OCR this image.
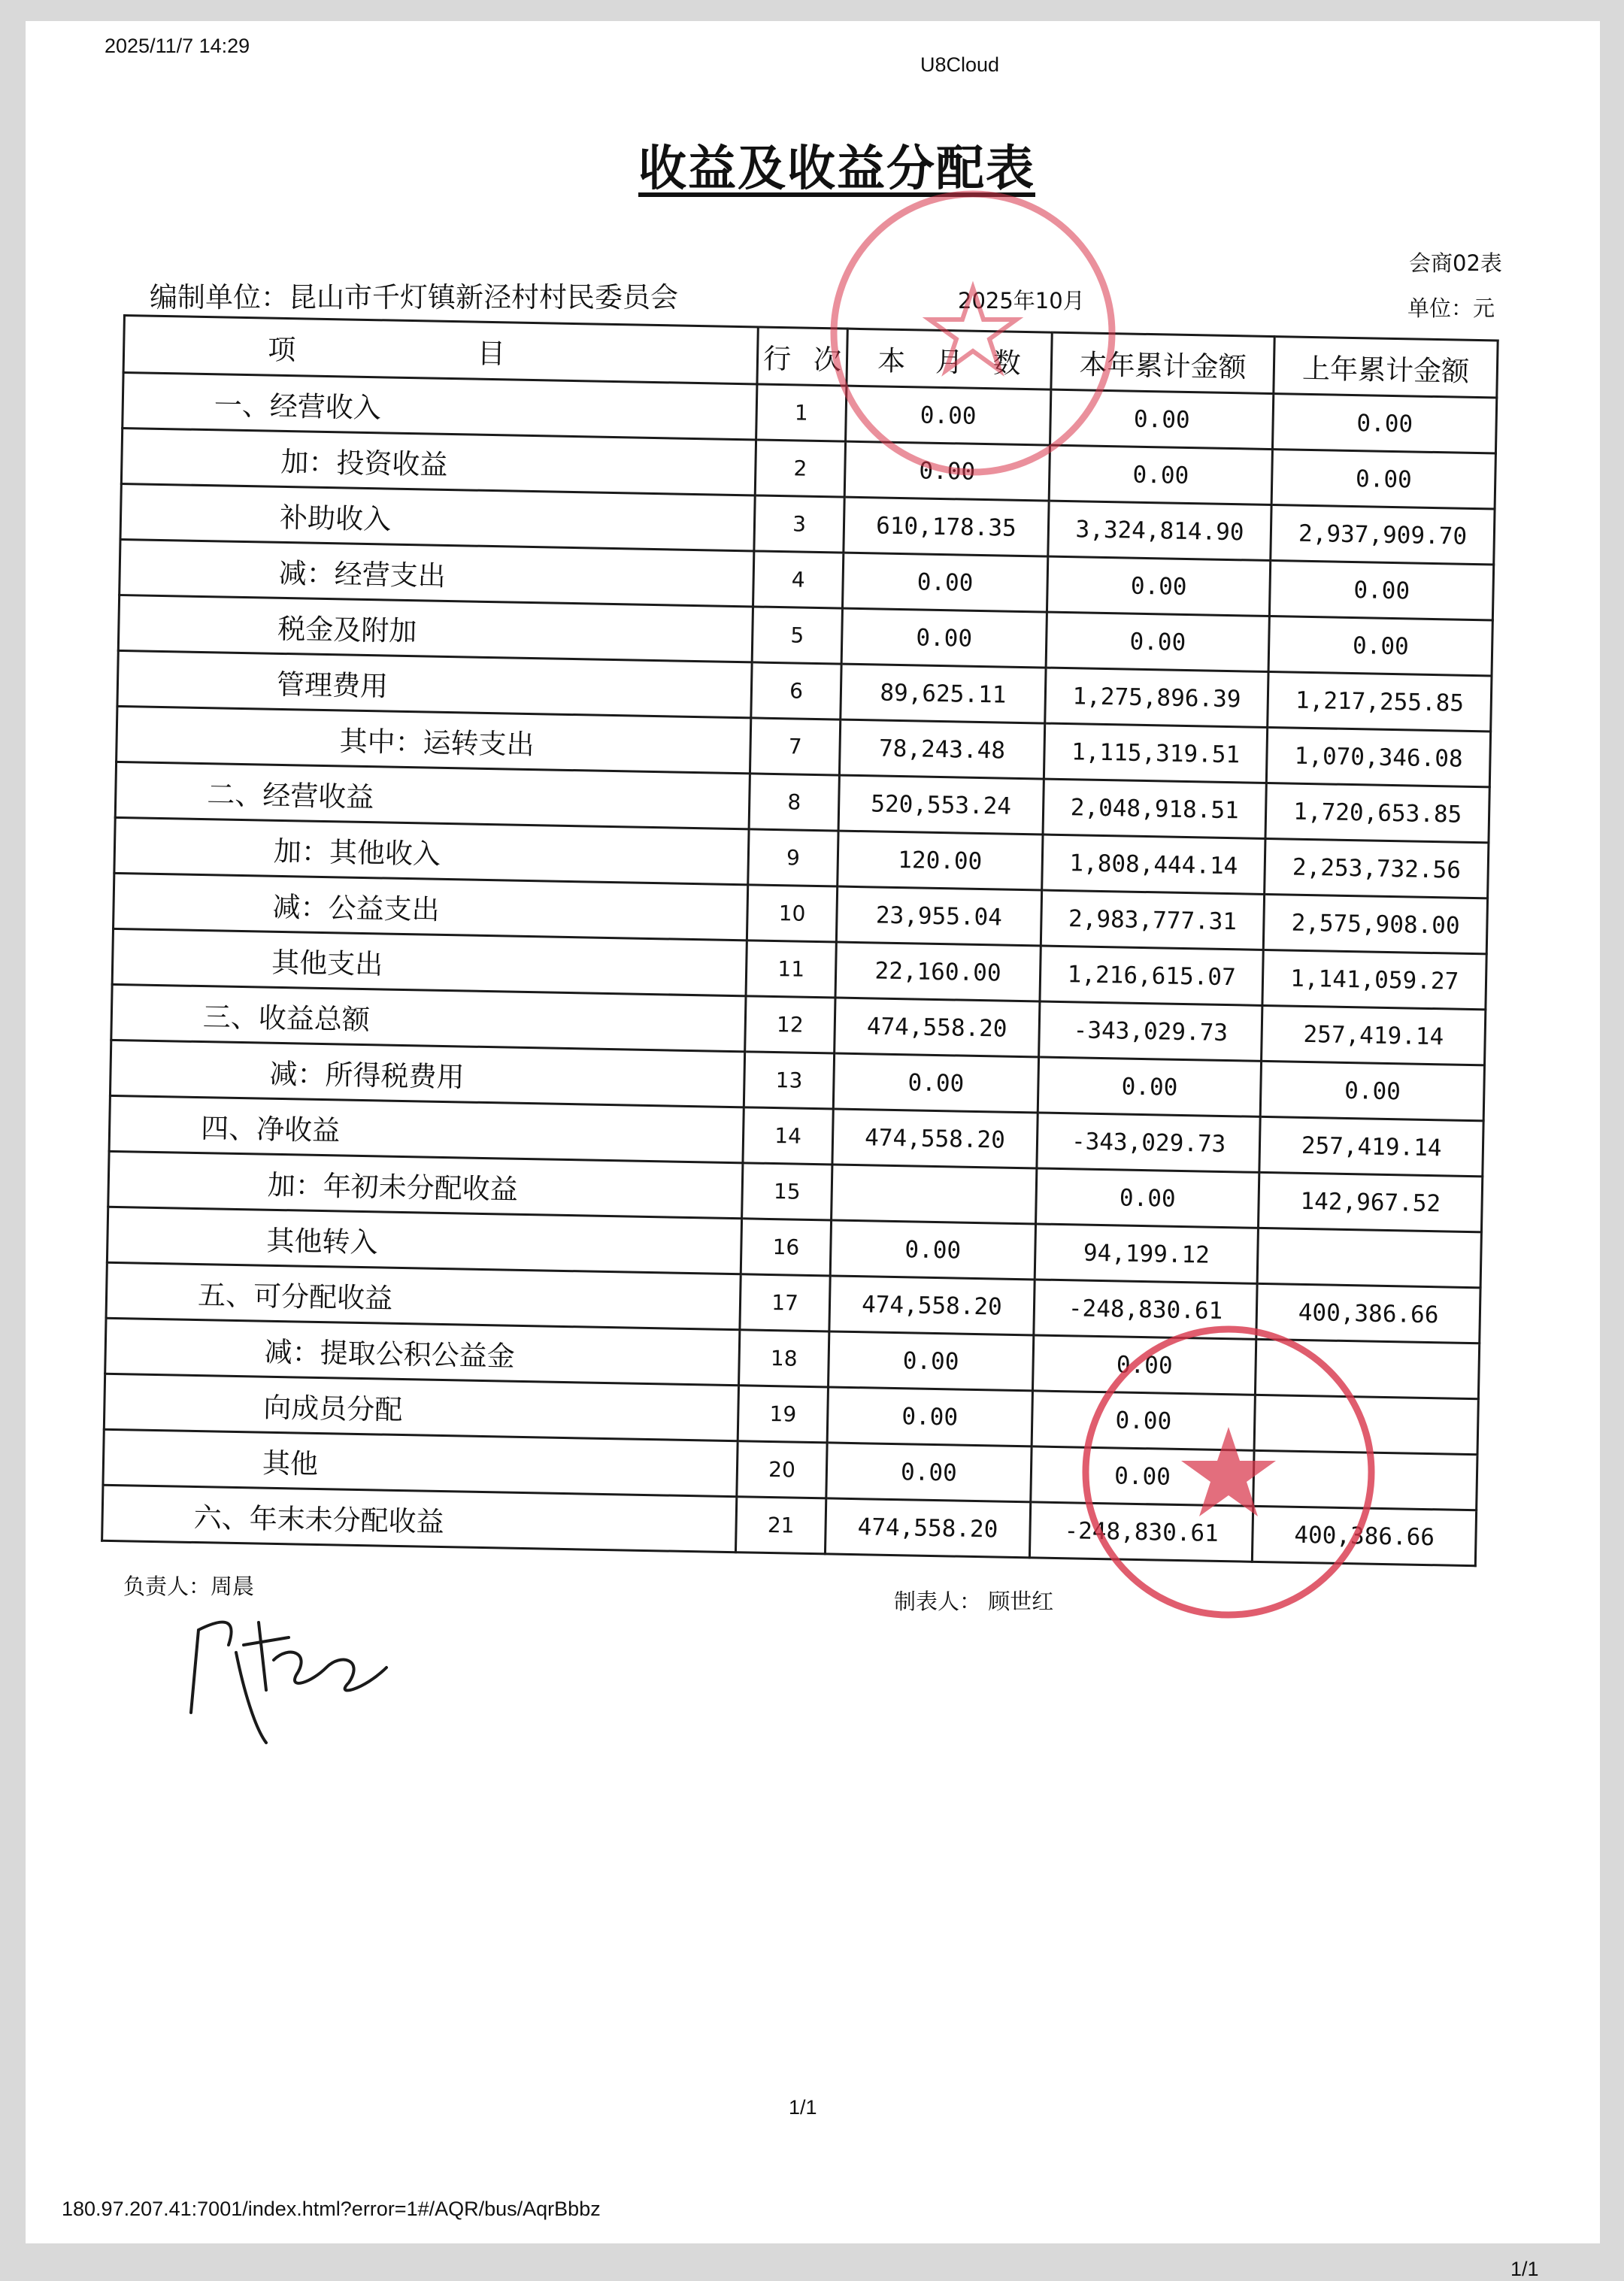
2025/11/7 14:29
U8Cloud
收益及收益分配表
会商02表
单位：元
编制单位：昆山市千灯镇新泾村村民委员会	2025年10月
项 目	行 次	本 月 数	本年累计金额	上年累计金额
一、经营收入	1	0.00	0.00	0.00
加：投资收益	2	0.00	0.00	0.00
补助收入	3	610,178.35	3,324,814.90	2,937,909.70
减：经营支出	4	0.00	0.00	0.00
税金及附加	5	0.00	0.00	0.00
管理费用	6	89,625.11	1,275,896.39	1,217,255.85
其中：运转支出	7	78,243.48	1,115,319.51	1,070,346.08
二、经营收益	8	520,553.24	2,048,918.51	1,720,653.85
加：其他收入	9	120.00	1,808,444.14	2,253,732.56
减：公益支出	10	23,955.04	2,983,777.31	2,575,908.00
其他支出	11	22,160.00	1,216,615.07	1,141,059.27
三、收益总额	12	474,558.20	-343,029.73	257,419.14
减：所得税费用	13	0.00	0.00	0.00
四、净收益	14	474,558.20	-343,029.73	257,419.14
加：年初未分配收益	15		0.00	142,967.52
其他转入	16	0.00	94,199.12	
五、可分配收益	17	474,558.20	-248,830.61	400,386.66
减：提取公积公益金	18	0.00	0.00	
向成员分配	19	0.00	0.00	
其他	20	0.00	0.00	
六、年末未分配收益	21	474,558.20	-248,830.61	400,386.66
负责人：周晨
制表人： 顾世红
1/1
180.97.207.41:7001/index.html?error=1#/AQR/bus/AqrBbbz
1/1
